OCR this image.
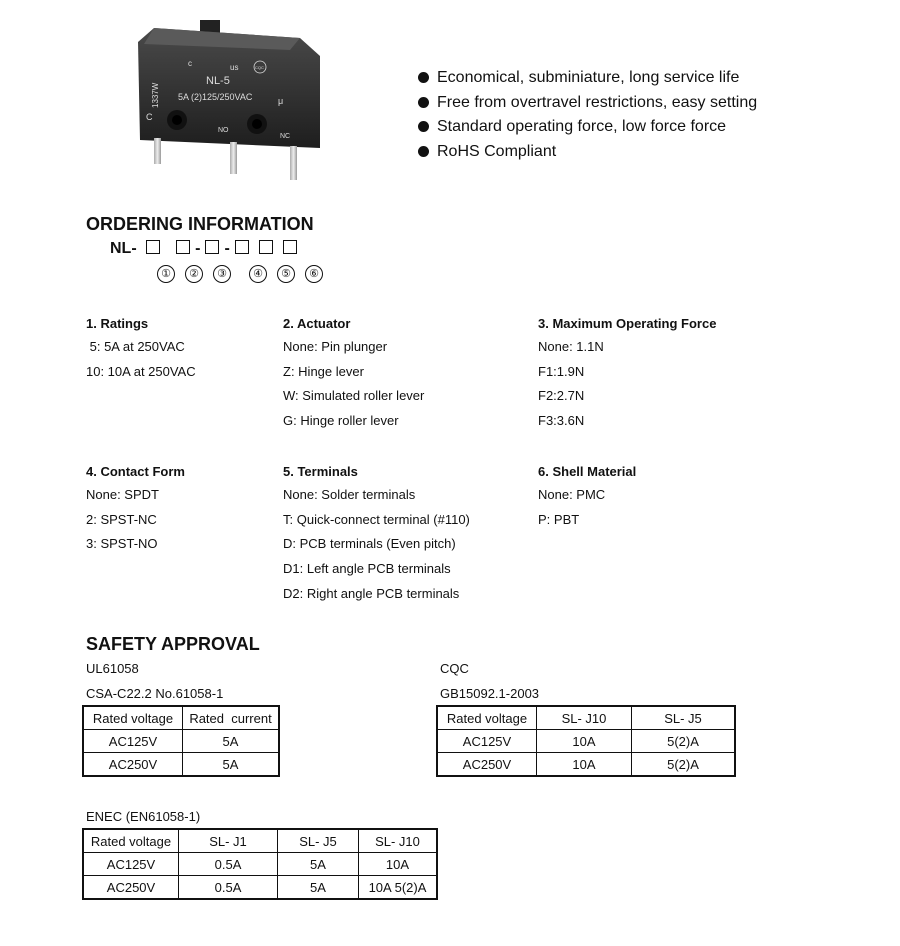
c	us	CQC
NL-5
5A (2)125/250VAC
1337W
C
NO
NC
μ
Economical, subminiature, long service life
Free from overtravel restrictions, easy setting
Standard operating force, low force force
RoHS Compliant
ORDERING INFORMATION
NL-	- -
① ② ③ ④ ⑤ ⑥
1. Ratings
5: 5A at 250VAC
10: 10A at 250VAC
2. Actuator
None: Pin plunger
Z: Hinge lever
W: Simulated roller lever
G: Hinge roller lever
3. Maximum Operating Force
None: 1.1N
F1:1.9N
F2:2.7N
F3:3.6N
4. Contact Form
None: SPDT
2: SPST-NC
3: SPST-NO
5. Terminals
None: Solder terminals
T: Quick-connect terminal (#110)
D: PCB terminals (Even pitch)
D1: Left angle PCB terminals
D2: Right angle PCB terminals
6. Shell Material
None: PMC
P: PBT
SAFETY APPROVAL
UL61058
CSA-C22.2 No.61058-1
Rated voltage	Rated  current
AC125V	5A
AC250V	5A
CQC
GB15092.1-2003
Rated voltage	SL- J10	SL- J5
AC125V	10A	5(2)A
AC250V	10A	5(2)A
ENEC (EN61058-1)
Rated voltage	SL- J1	SL- J5	SL- J10
AC125V	0.5A	5A	10A
AC250V	0.5A	5A	10A 5(2)A
